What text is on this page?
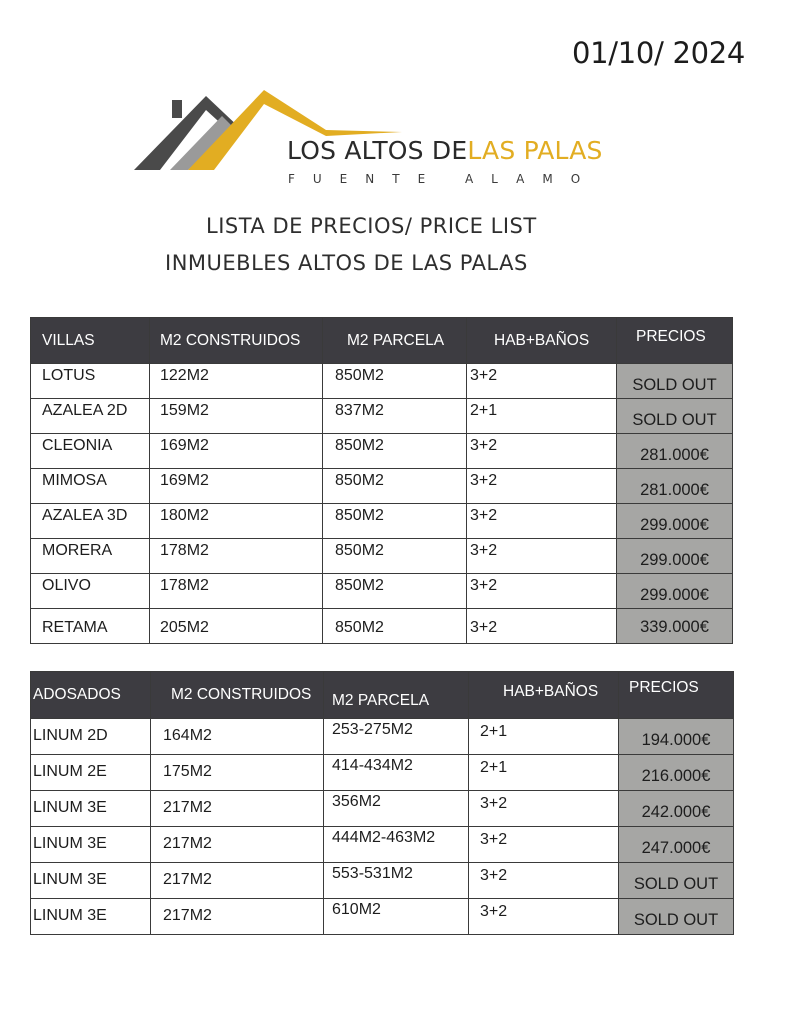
01/10/ 2024
LOS ALTOS DELAS PALAS
FUENTE ALAMO
LISTA DE PRECIOS/ PRICE LIST
INMUEBLES ALTOS DE LAS PALAS
VILLAS	M2 CONSTRUIDOS	M2 PARCELA	HAB+BAÑOS	PRECIOS

LOTUS	122M2	850M2	3+2	SOLD OUT

AZALEA 2D	159M2	837M2	2+1	SOLD OUT

CLEONIA	169M2	850M2	3+2	281.000€

MIMOSA	169M2	850M2	3+2	281.000€

AZALEA 3D	180M2	850M2	3+2	299.000€

MORERA	178M2	850M2	3+2	299.000€

OLIVO	178M2	850M2	3+2	299.000€

RETAMA	205M2	850M2	3+2	339.000€
ADOSADOS	M2 CONSTRUIDOS	M2 PARCELA	HAB+BAÑOS	PRECIOS

LINUM 2D	164M2	253-275M2	2+1	194.000€

LINUM 2E	175M2	414-434M2	2+1	216.000€

LINUM 3E	217M2	356M2	3+2	242.000€

LINUM 3E	217M2	444M2-463M2	3+2	247.000€

LINUM 3E	217M2	553-531M2	3+2	SOLD OUT

LINUM 3E	217M2	610M2	3+2	SOLD OUT
